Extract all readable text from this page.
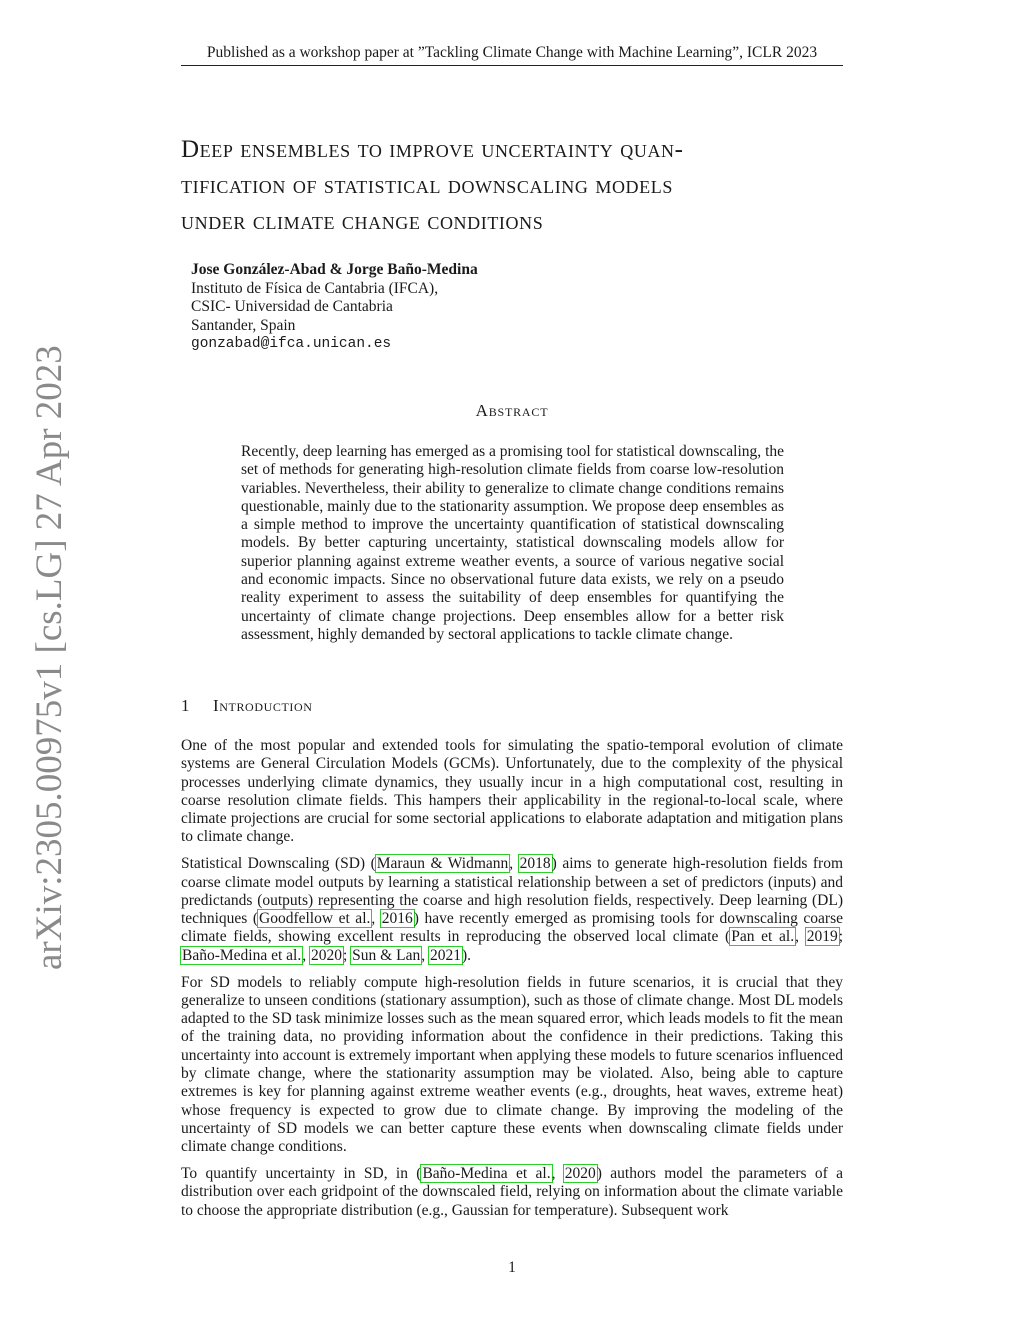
Published as a workshop paper at ”Tackling Climate Change with Machine Learning”, ICLR 2023
arXiv:2305.00975v1 [cs.LG] 27 Apr 2023
Deep ensembles to improve uncertainty quan-
tification of statistical downscaling models
under climate change conditions
Jose González-Abad & Jorge Baño-Medina
Instituto de Física de Cantabria (IFCA),
CSIC- Universidad de Cantabria
Santander, Spain
gonzabad@ifca.unican.es
Abstract
Recently, deep learning has emerged as a promising tool for statistical downscaling, the set of methods for generating high-resolution climate fields from coarse low-resolution variables. Nevertheless, their ability to generalize to climate change conditions remains questionable, mainly due to the stationarity assumption. We propose deep ensembles as a simple method to improve the uncertainty quantification of statistical downscaling models. By better capturing uncertainty, statistical downscaling models allow for superior planning against extreme weather events, a source of various negative social and economic impacts. Since no observational future data exists, we rely on a pseudo reality experiment to assess the suitability of deep ensembles for quantifying the uncertainty of climate change projections. Deep ensembles allow for a better risk assessment, highly demanded by sectoral applications to tackle climate change.
1 Introduction

One of the most popular and extended tools for simulating the spatio-temporal evolution of climate systems are General Circulation Models (GCMs). Unfortunately, due to the complexity of the physical processes underlying climate dynamics, they usually incur in a high computational cost, resulting in coarse resolution climate fields. This hampers their applicability in the regional-to-local scale, where climate projections are crucial for some sectorial applications to elaborate adaptation and mitigation plans to climate change.

Statistical Downscaling (SD) (Maraun & Widmann, 2018) aims to generate high-resolution fields from coarse climate model outputs by learning a statistical relationship between a set of predictors (inputs) and predictands (outputs) representing the coarse and high resolution fields, respectively. Deep learning (DL) techniques (Goodfellow et al., 2016) have recently emerged as promising tools for downscaling coarse climate fields, showing excellent results in reproducing the observed local climate (Pan et al., 2019; Baño-Medina et al., 2020; Sun & Lan, 2021).

For SD models to reliably compute high-resolution fields in future scenarios, it is crucial that they generalize to unseen conditions (stationary assumption), such as those of climate change. Most DL models adapted to the SD task minimize losses such as the mean squared error, which leads models to fit the mean of the training data, no providing information about the confidence in their predictions. Taking this uncertainty into account is extremely important when applying these models to future scenarios influenced by climate change, where the stationarity assumption may be violated. Also, being able to capture extremes is key for planning against extreme weather events (e.g., droughts, heat waves, extreme heat) whose frequency is expected to grow due to climate change. By improving the modeling of the uncertainty of SD models we can better capture these events when downscaling climate fields under climate change conditions.

To quantify uncertainty in SD, in (Baño-Medina et al., 2020) authors model the parameters of a distribution over each gridpoint of the downscaled field, relying on information about the climate variable to choose the appropriate distribution (e.g., Gaussian for temperature). Subsequent work

1
